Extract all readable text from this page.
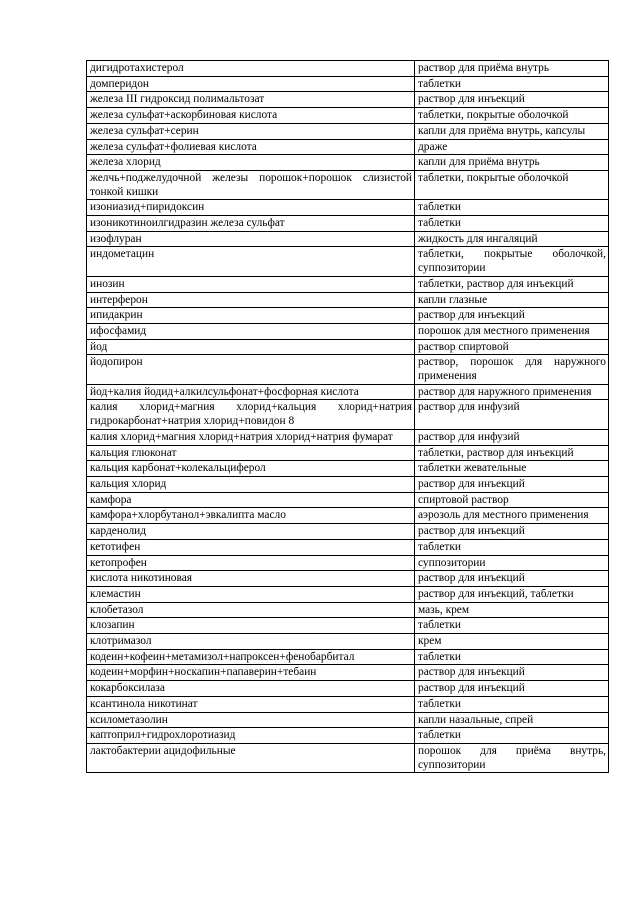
дигидротахистерол	раствор для приёма внутрь
домперидон	таблетки
железа III гидроксид полимальтозат	раствор для инъекций
железа сульфат+аскорбиновая кислота	таблетки, покрытые оболочкой
железа сульфат+серин	капли для приёма внутрь, капсулы
железа сульфат+фолиевая кислота	драже
железа хлорид	капли для приёма внутрь
желчь+поджелудочной железы порошок+порошок слизистой тонкой кишки	таблетки, покрытые оболочкой
изониазид+пиридоксин	таблетки
изоникотиноилгидразин железа сульфат	таблетки
изофлуран	жидкость для ингаляций
индометацин	таблетки, покрытые оболочкой, суппозитории
инозин	таблетки, раствор для инъекций
интерферон	капли глазные
ипидакрин	раствор для инъекций
ифосфамид	порошок для местного применения
йод	раствор спиртовой
йодопирон	раствор, порошок для наружного применения
йод+калия йодид+алкилсульфонат+фосфорная кислота	раствор для наружного применения
калия хлорид+магния хлорид+кальция хлорид+натрия гидрокарбонат+натрия хлорид+повидон 8	раствор для инфузий
калия хлорид+магния хлорид+натрия хлорид+натрия фумарат	раствор для инфузий
кальция глюконат	таблетки, раствор для инъекций
кальция карбонат+колекальциферол	таблетки жевательные
кальция хлорид	раствор для инъекций
камфора	спиртовой раствор
камфора+хлорбутанол+эвкалипта масло	аэрозоль для местного применения
карденолид	раствор для инъекций
кетотифен	таблетки
кетопрофен	суппозитории
кислота никотиновая	раствор для инъекций
клемастин	раствор для инъекций, таблетки
клобетазол	мазь, крем
клозапин	таблетки
клотримазол	крем
кодеин+кофеин+метамизол+напроксен+фенобарбитал	таблетки
кодеин+морфин+носкапин+папаверин+тебаин	раствор для инъекций
кокарбоксилаза	раствор для инъекций
ксантинола никотинат	таблетки
ксилометазолин	капли назальные, спрей
каптоприл+гидрохлоротиазид	таблетки
лактобактерии ацидофильные	порошок для приёма внутрь, суппозитории
